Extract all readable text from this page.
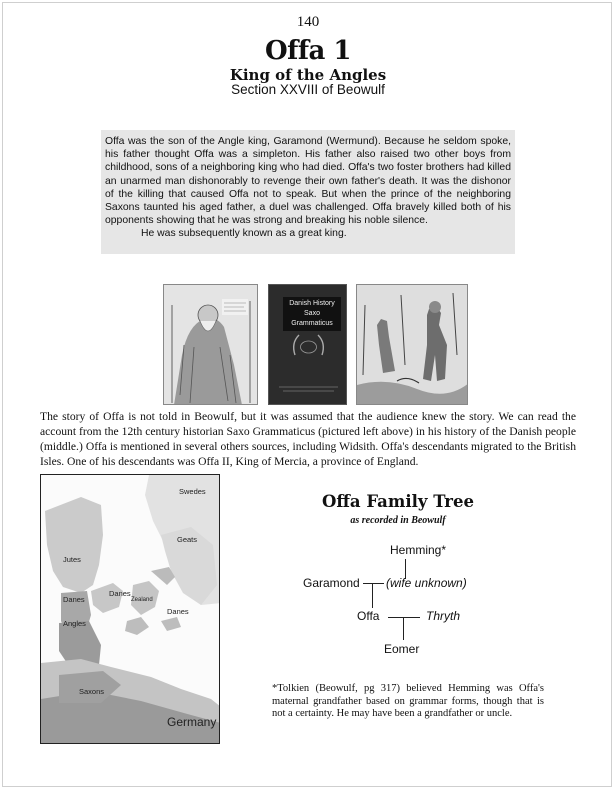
140
Offa 1
King of the Angles
Section XXVIII of Beowulf

Offa was the son of the Angle king, Garamond (Wermund). Because he seldom spoke, his father thought Offa was a simpleton. His father also raised two other boys from childhood, sons of a neighboring king who had died. Offa's two foster brothers had killed an unarmed man dishonorably to revenge their own father's death. It was the dishonor of the killing that caused Offa not to speak. But when the prince of the neighboring Saxons taunted his aged father, a duel was challenged. Offa bravely killed both of his opponents showing that he was strong and breaking his noble silence.

He was subsequently known as a great king.

Danish History
Saxo Grammaticus
The story of Offa is not told in Beowulf, but it was assumed that the audience knew the story. We can read the account from the 12th century historian Saxo Grammaticus (pictured left above) in his history of the Danish people (middle.) Offa is mentioned in several others sources, including Widsith. Offa's descendants migrated to the British Isles. One of his descendants was Offa II, King of Mercia, a province of England.
Swedes
Geats
Jutes
Danes
Danes
Zealand
Danes
Angles
Saxons
Germany
Offa Family Tree
as recorded in Beowulf
Hemming*
Garamond (wife unknown)
Offa	Thryth
Eomer
*Tolkien (Beowulf, pg 317) believed Hemming was Offa's maternal grandfather based on grammar forms, though that is not a certainty. He may have been a grandfather or uncle.
